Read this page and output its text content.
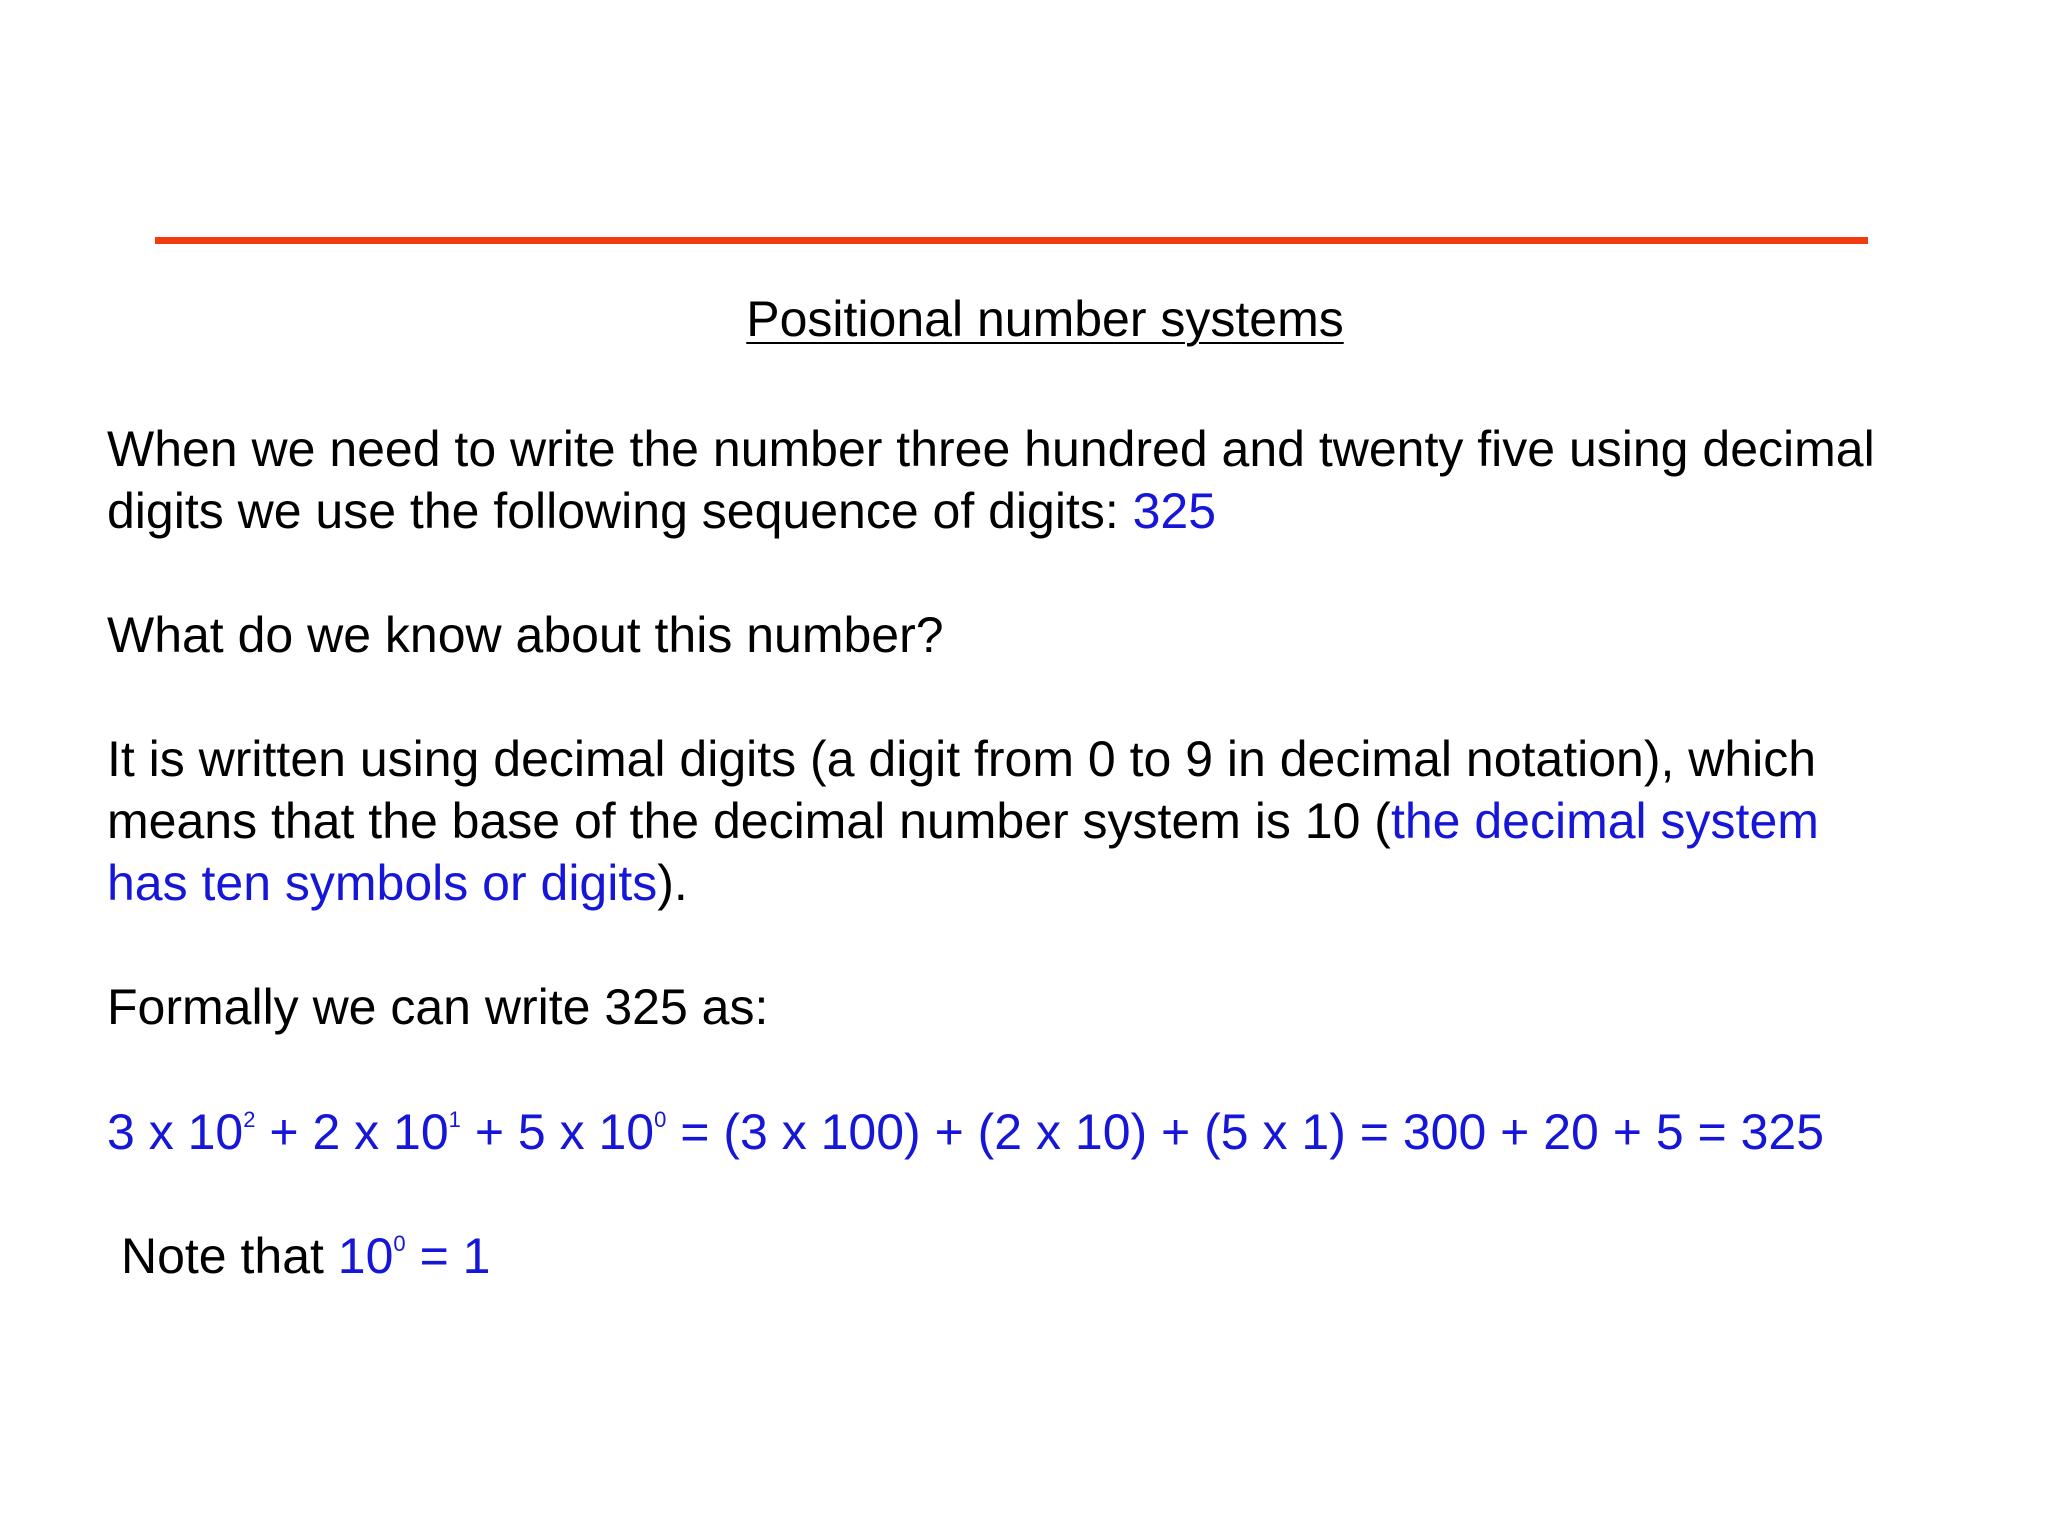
Positional number systems
When we need to write the number three hundred and twenty five using decimal
digits we use the following sequence of digits: 325
What do we know about this number?
It is written using decimal digits (a digit from 0 to 9 in decimal notation), which
means that the base of the decimal number system is 10 (the decimal system
has ten symbols or digits).
Formally we can write 325 as:
3 x $10^2 + 2$ x $10^1 + 5$ x $10^0 = (3$ x 100) + (2 x 10) + (5 x 1) = 300 + 20 + 5 = 325
Note that $10^0 = 1$
